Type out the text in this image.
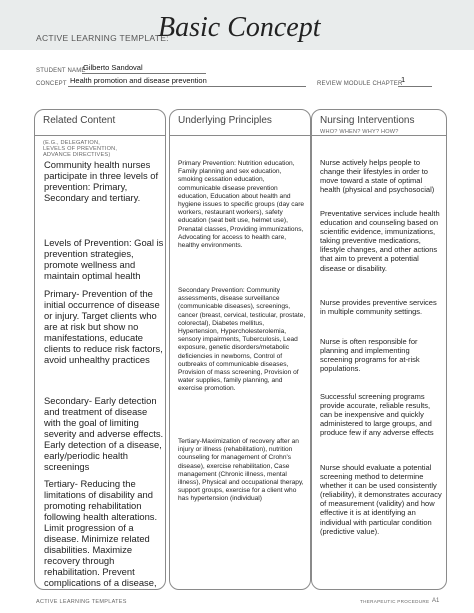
ACTIVE LEARNING TEMPLATE:
Basic Concept
STUDENT NAME
Gilberto Sandoval
CONCEPT Health promotion and disease prevention	REVIEW MODULE CHAPTER
1
Related Content
(E.G., DELEGATION,
LEVELS OF PREVENTION,
ADVANCE DIRECTIVES)
Community health nurses participate in three levels of prevention: Primary, Secondary and tertiary.
Levels of Prevention: Goal is prevention strategies, promote wellness and maintain optimal health
Primary- Prevention of the initial occurrence of disease or injury. Target clients who are at risk but show no manifestations, educate clients to reduce risk factors, avoid unhealthy practices
Secondary- Early detection and treatment of disease with the goal of limiting severity and adverse effects. Early detection of a disease, early/periodic health screenings
Tertiary- Reducing the limitations of disability and promoting rehabilitation following health alterations. Limit progression of a disease. Minimize related disabilities. Maximize recovery through rehabilitation. Prevent complications of a disease,
Underlying Principles
Primary Prevention: Nutrition education, Family planning and sex education, smoking cessation education, communicable disease prevention education, Education about health and hygiene issues to specific groups (day care workers, restaurant workers), safety education (seat belt use, helmet use), Prenatal classes, Providing immunizations, Advocating for access to health care, healthy environments.
Secondary Prevention: Community assessments, disease surveillance (communicable diseases), screenings, cancer (breast, cervical, testicular, prostate, colorectal), Diabetes mellitus, Hypertension, Hypercholesterolemia, sensory impairments, Tuberculosis, Lead exposure, genetic disorders/metabolic deficiencies in newborns, Control of outbreaks of communicable diseases, Provision of mass screening, Provision of water supplies, family planning, and exercise promotion.
Tertiary-Maximization of recovery after an injury or illness (rehabilitation), nutrition counseling for management of Crohn's disease), exercise rehabilitation, Case management (Chronic illness, mental illness), Physical and occupational therapy, support groups, exercise for a client who has hypertension (individual)
Nursing Interventions
WHO? WHEN? WHY? HOW?
Nurse actively helps people to change their lifestyles in order to move toward a state of optimal health (physical and psychosocial)
Preventative services include health education and counseling based on scientific evidence, immunizations, taking preventive medications, lifestyle changes, and other actions that aim to prevent a potential disease or disability.
Nurse provides preventive services in multiple community settings.
Nurse is often responsible for planning and implementing screening programs for at-risk populations.
Successful screening programs provide accurate, reliable results, can be inexpensive and quickly administered to large groups, and produce few if any adverse effects
Nurse should evaluate a potential screening method to determine whether it can be used consistently (reliability), it demonstrates accuracy of measurement (validity) and how effective it is at identifying an individual with particular condition (predictive value).
ACTIVE LEARNING TEMPLATES	THERAPEUTIC PROCEDURE A1
